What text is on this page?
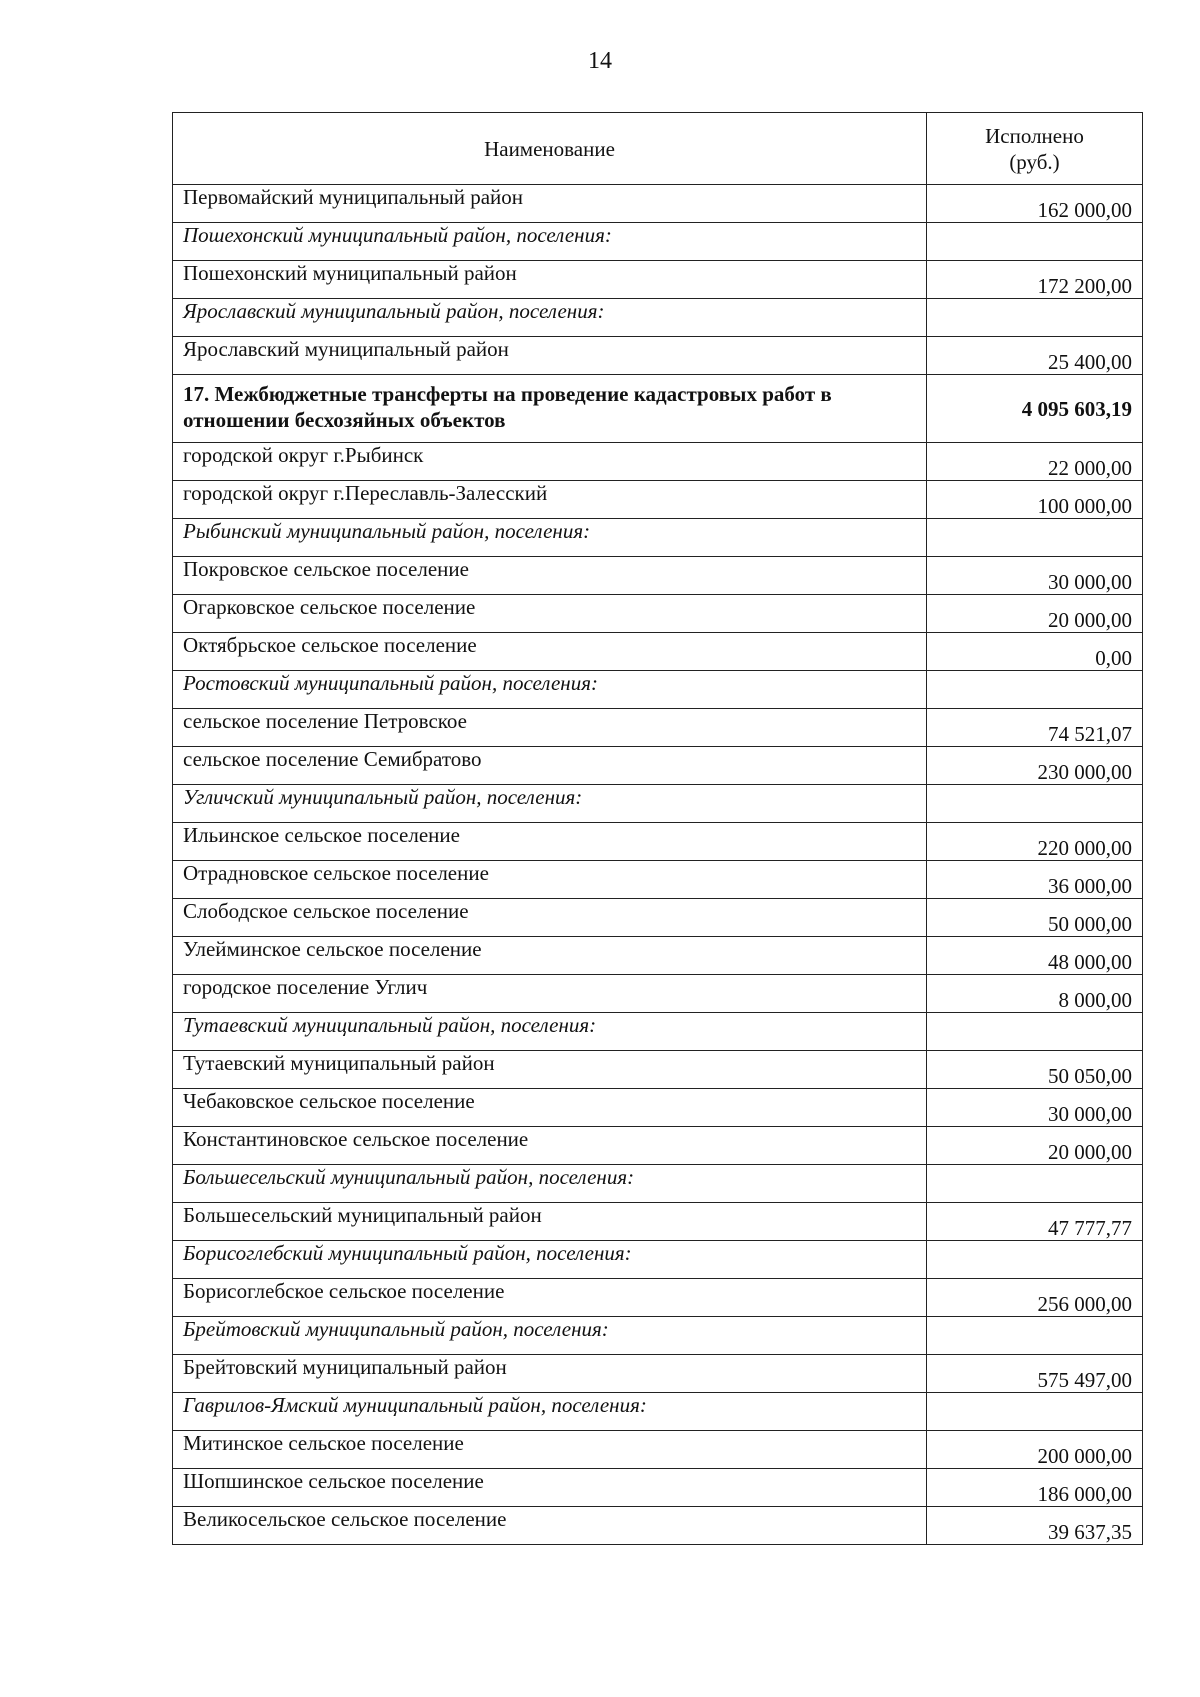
14
Наименование	Исполнено
(руб.)
Первомайский муниципальный район	162 000,00
Пошехонский муниципальный район, поселения:	
Пошехонский муниципальный район	172 200,00
Ярославский муниципальный район, поселения:	
Ярославский муниципальный район	25 400,00
17. Межбюджетные трансферты на проведение кадастровых работ в отношении бесхозяйных объектов	4 095 603,19
городской округ г.Рыбинск	22 000,00
городской округ г.Переславль-Залесский	100 000,00
Рыбинский муниципальный район, поселения:	
Покровское сельское поселение	30 000,00
Огарковское сельское поселение	20 000,00
Октябрьское сельское поселение	0,00
Ростовский муниципальный район, поселения:	
сельское поселение Петровское	74 521,07
сельское поселение Семибратово	230 000,00
Угличский муниципальный район, поселения:	
Ильинское сельское поселение	220 000,00
Отрадновское сельское поселение	36 000,00
Слободское сельское поселение	50 000,00
Улейминское сельское поселение	48 000,00
городское поселение Углич	8 000,00
Тутаевский муниципальный район, поселения:	
Тутаевский муниципальный район	50 050,00
Чебаковское сельское поселение	30 000,00
Константиновское сельское поселение	20 000,00
Большесельский муниципальный район, поселения:	
Большесельский муниципальный район	47 777,77
Борисоглебский муниципальный район, поселения:	
Борисоглебское сельское поселение	256 000,00
Брейтовский муниципальный район, поселения:	
Брейтовский муниципальный район	575 497,00
Гаврилов-Ямский муниципальный район, поселения:	
Митинское сельское поселение	200 000,00
Шопшинское сельское поселение	186 000,00
Великосельское сельское поселение	39 637,35
